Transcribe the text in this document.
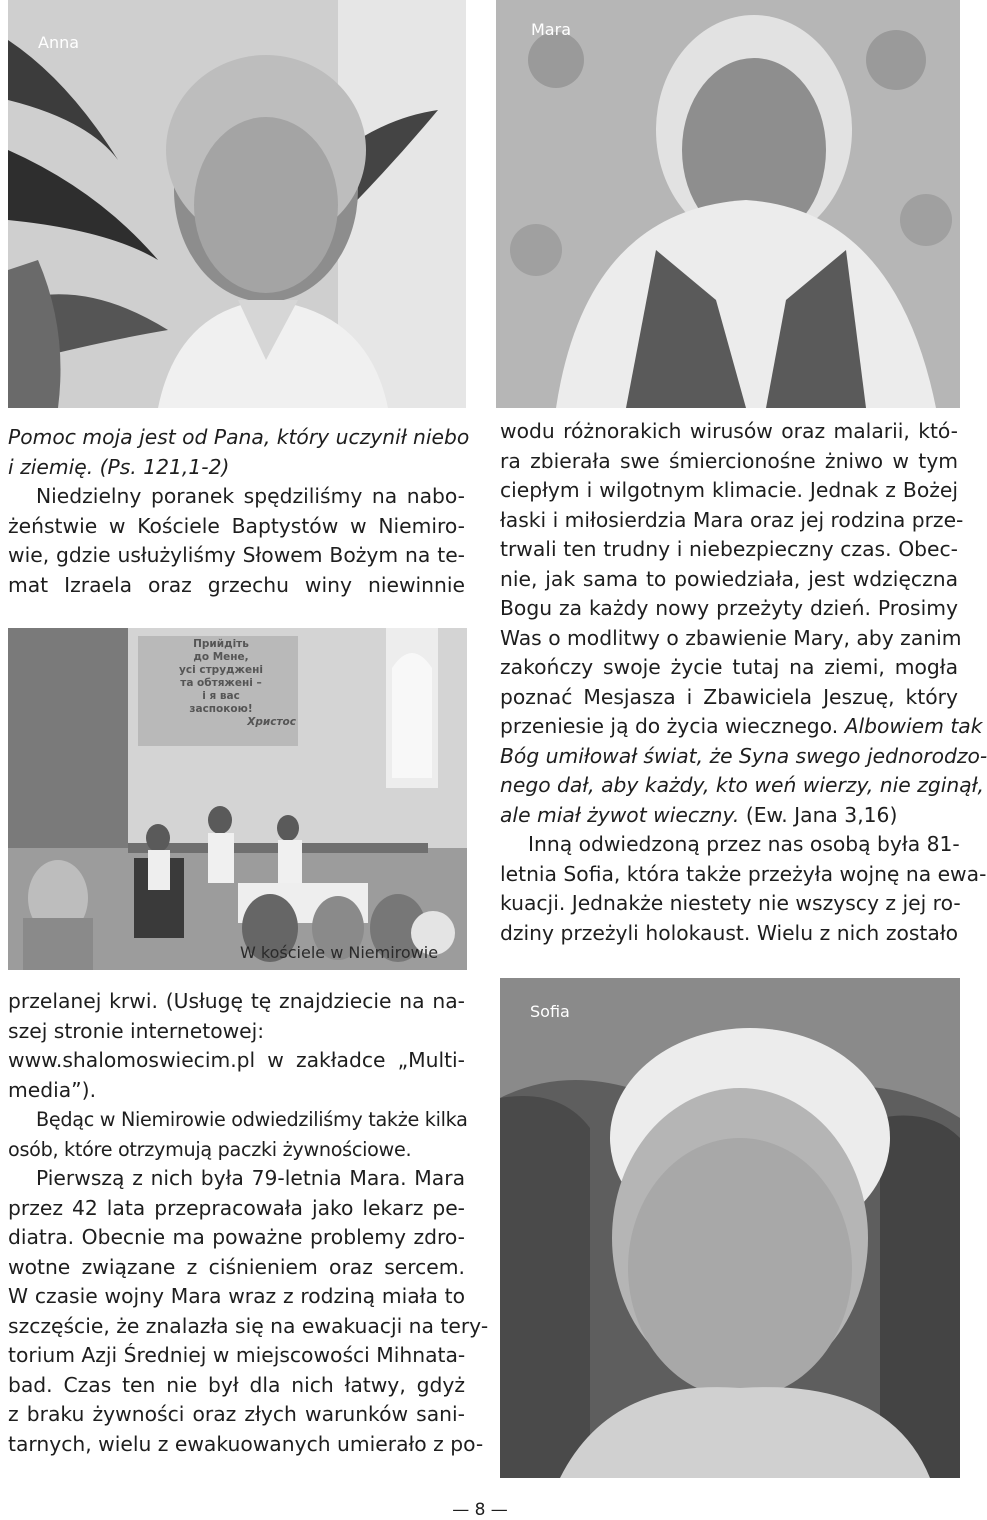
Anna
Mara
Pomoc moja jest od Pana, który uczynił niebo
i ziemię. (Ps. 121,1-2)
Niedzielny poranek spędziliśmy na nabo-
żeństwie w Kościele Baptystów w Niemiro-
wie, gdzie usłużyliśmy Słowem Bożym na te-
mat Izraela oraz grzechu winy niewinnie
Прийдіть
до Мене,
усі струджені
та обтяжені –
і я вас
заспокою!
Христос
W kościele w Niemirowie
przelanej krwi. (Usługę tę znajdziecie na na-
szej stronie internetowej:
www.shalomoswiecim.pl w zakładce „Multi-
media”).
Będąc w Niemirowie odwiedziliśmy także kilka
osób, które otrzymują paczki żywnościowe.
Pierwszą z nich była 79-letnia Mara. Mara
przez 42 lata przepracowała jako lekarz pe-
diatra. Obecnie ma poważne problemy zdro-
wotne związane z ciśnieniem oraz sercem.
W czasie wojny Mara wraz z rodziną miała to
szczęście, że znalazła się na ewakuacji na tery-
torium Azji Średniej w miejscowości Mihnata-
bad. Czas ten nie był dla nich łatwy, gdyż
z braku żywności oraz złych warunków sani-
tarnych, wielu z ewakuowanych umierało z po-
wodu różnorakich wirusów oraz malarii, któ-
ra zbierała swe śmiercionośne żniwo w tym
ciepłym i wilgotnym klimacie. Jednak z Bożej
łaski i miłosierdzia Mara oraz jej rodzina prze-
trwali ten trudny i niebezpieczny czas. Obec-
nie, jak sama to powiedziała, jest wdzięczna
Bogu za każdy nowy przeżyty dzień. Prosimy
Was o modlitwy o zbawienie Mary, aby zanim
zakończy swoje życie tutaj na ziemi, mogła
poznać Mesjasza i Zbawiciela Jeszuę, który
przeniesie ją do życia wiecznego. Albowiem tak
Bóg umiłował świat, że Syna swego jednorodzo-
nego dał, aby każdy, kto weń wierzy, nie zginął,
ale miał żywot wieczny. (Ew. Jana 3,16)
Inną odwiedzoną przez nas osobą była 81-
letnia Sofia, która także przeżyła wojnę na ewa-
kuacji. Jednakże niestety nie wszyscy z jej ro-
dziny przeżyli holokaust. Wielu z nich zostało
Sofia
— 8 —
